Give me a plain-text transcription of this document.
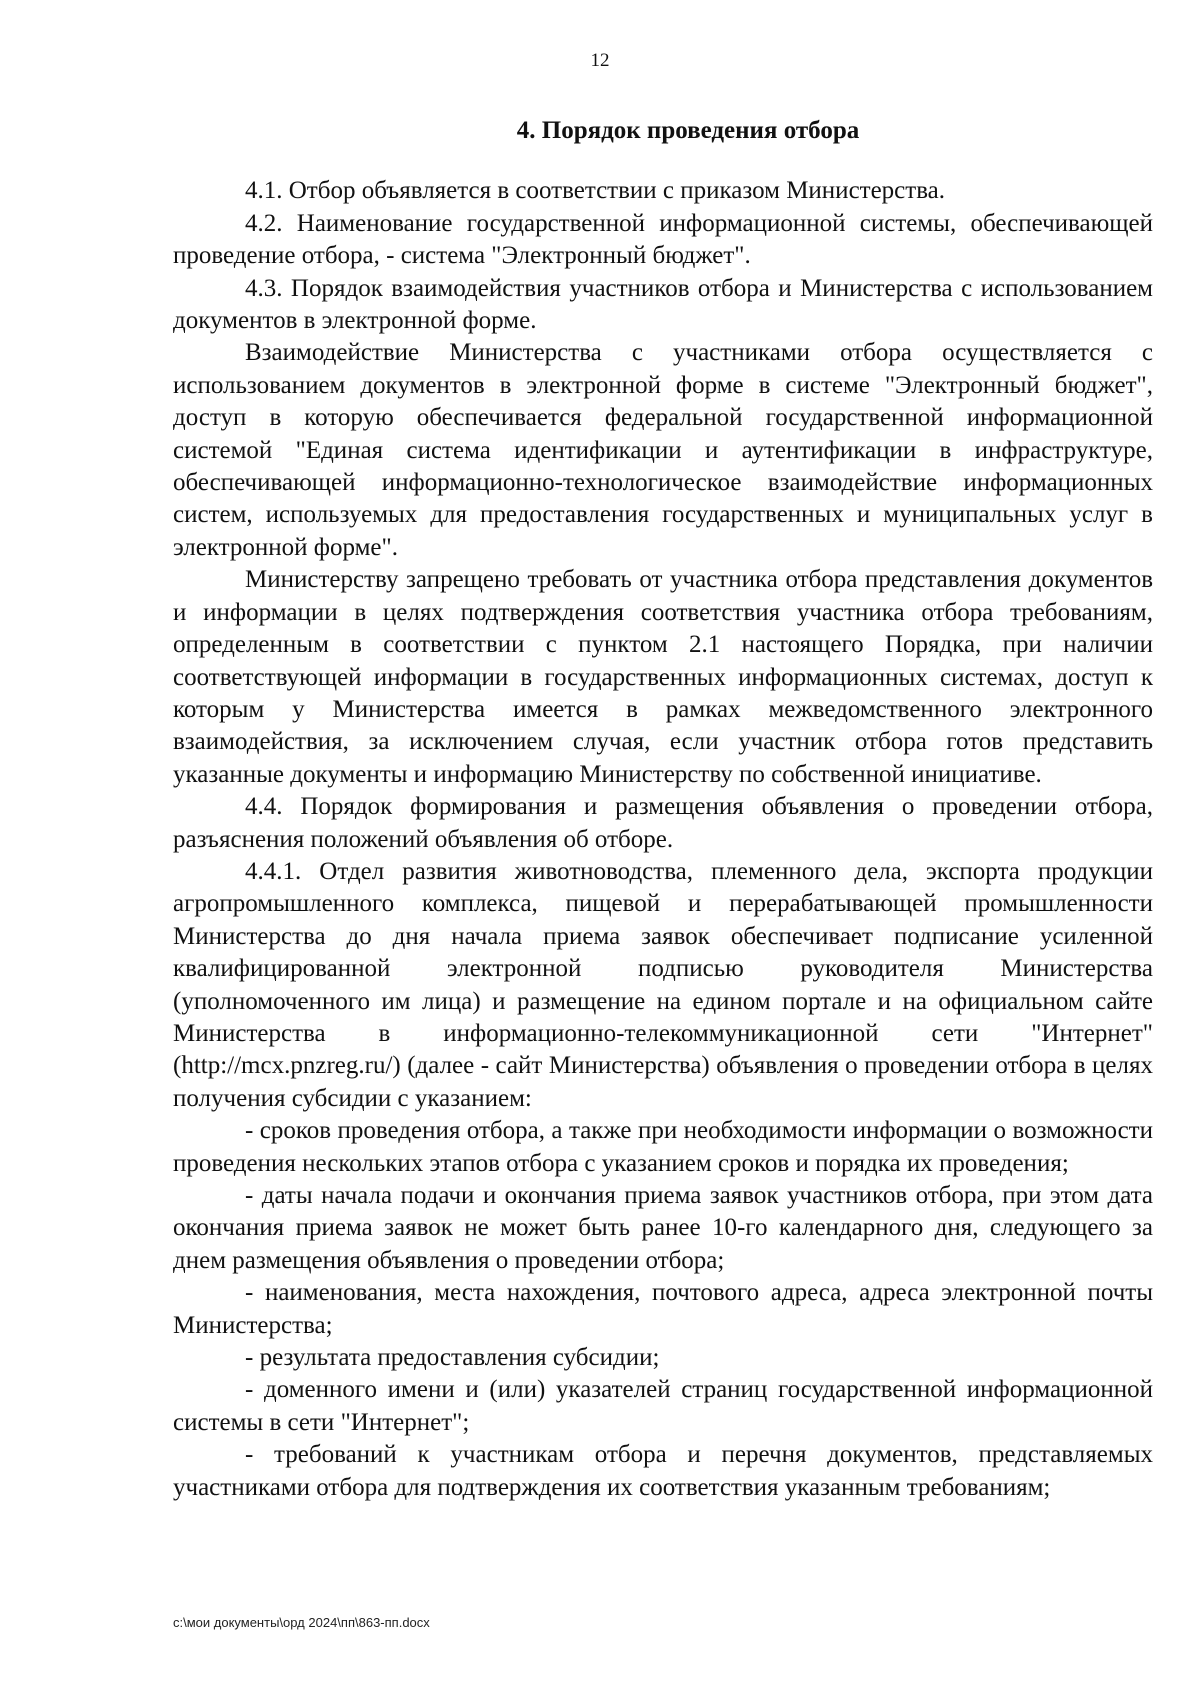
12
4. Порядок проведения отбора

4.1. Отбор объявляется в соответствии с приказом Министерства.

4.2. Наименование государственной информационной системы, обеспечивающей проведение отбора, - система "Электронный бюджет".

4.3. Порядок взаимодействия участников отбора и Министерства с использованием документов в электронной форме.

Взаимодействие Министерства с участниками отбора осуществляется с использованием документов в электронной форме в системе "Электронный бюджет", доступ в которую обеспечивается федеральной государственной информационной системой "Единая система идентификации и аутентификации в инфраструктуре, обеспечивающей информационно-технологическое взаимодействие информационных систем, используемых для предоставления государственных и муниципальных услуг в электронной форме".

Министерству запрещено требовать от участника отбора представления документов и информации в целях подтверждения соответствия участника отбора требованиям, определенным в соответствии с пунктом 2.1 настоящего Порядка, при наличии соответствующей информации в государственных информационных системах, доступ к которым у Министерства имеется в рамках межведомственного электронного взаимодействия, за исключением случая, если участник отбора готов представить указанные документы и информацию Министерству по собственной инициативе.

4.4. Порядок формирования и размещения объявления о проведении отбора, разъяснения положений объявления об отборе.

4.4.1. Отдел развития животноводства, племенного дела, экспорта продукции агропромышленного комплекса, пищевой и перерабатывающей промышленности Министерства до дня начала приема заявок обеспечивает подписание усиленной квалифицированной электронной подписью руководителя Министерства (уполномоченного им лица) и размещение на едином портале и на официальном сайте Министерства в информационно-телекоммуникационной сети "Интернет" (http://mcx.pnzreg.ru/) (далее - сайт Министерства) объявления о проведении отбора в целях получения субсидии с указанием:

- сроков проведения отбора, а также при необходимости информации о возможности проведения нескольких этапов отбора с указанием сроков и порядка их проведения;

- даты начала подачи и окончания приема заявок участников отбора, при этом дата окончания приема заявок не может быть ранее 10-го календарного дня, следующего за днем размещения объявления о проведении отбора;

- наименования, места нахождения, почтового адреса, адреса электронной почты Министерства;

- результата предоставления субсидии;

- доменного имени и (или) указателей страниц государственной информационной системы в сети "Интернет";

- требований к участникам отбора и перечня документов, представляемых участниками отбора для подтверждения их соответствия указанным требованиям;

c:\мои документы\орд 2024\пп\863-пп.docx
